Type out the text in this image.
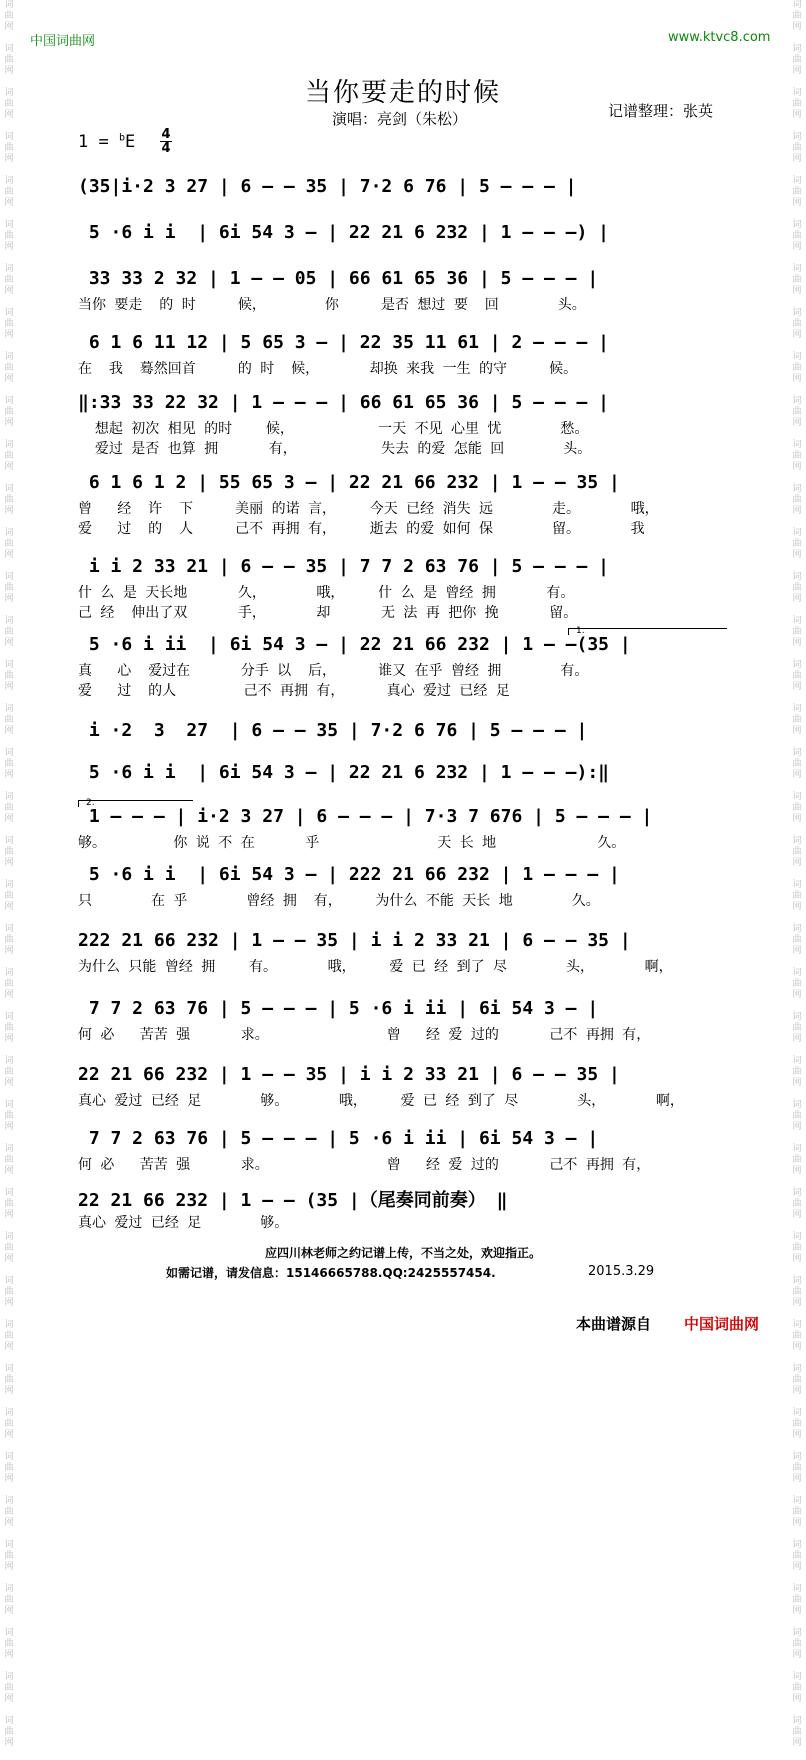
中国词曲网	www.ktvc8.com
词
曲
网

词
曲
网

词
曲
网

词
曲
网

词
曲
网

词
曲
网

词
曲
网

词
曲
网

词
曲
网

词
曲
网

词
曲
网

词
曲
网

词
曲
网

词
曲
网

词
曲
网

词
曲
网

词
曲
网

词
曲
网

词
曲
网

词
曲
网

词
曲
网

词
曲
网

词
曲
网

词
曲
网

词
曲
网

词
曲
网

词
曲
网

词
曲
网

词
曲
网

词
曲
网

词
曲
网

词
曲
网

词
曲
网

词
曲
网

词
曲
网

词
曲
网

词
曲
网

词
曲
网

词
曲
网

词
曲
网

词
曲
网

词
曲
网

词
曲
网

词
曲
网

词
曲
网

词
曲
网

词
曲
网

词
曲
网

词
曲
网

词
曲
网

词
曲
网

词
曲
网

词
曲
网

词
曲
网

词
曲
网

词
曲
网

词
曲
网

词
曲
网

词
曲
网

词
曲
网

词
曲
网

词
曲
网

词
曲
网

词
曲
网

词
曲
网

词
曲
网

词
曲
网

词
曲
网

词
曲
网

词
曲
网

词
曲
网

词
曲
网

词
曲
网

词
曲
网

词
曲
网

词
曲
网

词
曲
网

词
曲
网

词
曲
网

词
曲
网

当你要走的时候
演唱：亮剑（朱松）	记谱整理：张英
1 = $^b$E 4
4
(35|i·2 3 27 | 6 — — 35 | 7·2 6 76 | 5 — — — |
5 ·6 i i  | 6i 54 3 — | 22 21 6 232 | 1 — — —) |
33 33 2 32 | 1 — — 05 | 66 61 65 36 | 5 — — — |
当你 要走  的 时     候，       你     是否 想过 要  回       头。
6 1 6 11 12 | 5 65 3 — | 22 35 11 61 | 2 — — — |
在  我  蓦然回首     的 时  候，      却换 来我 一生 的守     候。
‖:33 33 22 32 | 1 — — — | 66 61 65 36 | 5 — — — |
想起 初次 相见 的时    候，          一天 不见 心里 忧       愁。
爱过 是否 也算 拥      有，          失去 的爱 怎能 回       头。
6 1 6 1 2 | 55 65 3 — | 22 21 66 232 | 1 — — 35 |
曾   经  许  下     美丽 的诺 言，    今天 已经 消失 远       走。      哦，
爱   过  的  人     己不 再拥 有，    逝去 的爱 如何 保       留。      我
i i 2 33 21 | 6 — — 35 | 7 7 2 63 76 | 5 — — — |
什 么 是 天长地      久，      哦，    什 么 是 曾经 拥      有。
己 经  伸出了双      手，      却      无 法 再 把你 挽      留。
5 ·6 i ii  | 6i 54 3 — | 22 21 66 232 | 1 — —(35 |
真   心  爱过在      分手 以  后，     谁又 在乎 曾经 拥       有。
爱   过  的人        己不 再拥 有，     真心 爱过 已经 足
i ·2  3  27  | 6 — — 35 | 7·2 6 76 | 5 — — — |
5 ·6 i i  | 6i 54 3 — | 22 21 6 232 | 1 — — —):‖
1 — — — | i·2 3 27 | 6 — — — | 7·3 7 676 | 5 — — — |
够。        你 说 不 在      乎              天 长 地            久。
5 ·6 i i  | 6i 54 3 — | 222 21 66 232 | 1 — — — |
只       在 乎       曾经 拥  有，    为什么 不能 天长 地       久。
222 21 66 232 | 1 — — 35 | i i 2 33 21 | 6 — — 35 |
为什么 只能 曾经 拥    有。      哦，    爱 已 经 到了 尽       头，      啊，
7 7 2 63 76 | 5 — — — | 5 ·6 i ii | 6i 54 3 — |
何 必   苦苦 强      求。              曾   经 爱 过的      己不 再拥 有，
22 21 66 232 | 1 — — 35 | i i 2 33 21 | 6 — — 35 |
真心 爱过 已经 足       够。      哦，    爱 已 经 到了 尽       头，      啊，
7 7 2 63 76 | 5 — — — | 5 ·6 i ii | 6i 54 3 — |
何 必   苦苦 强      求。              曾   经 爱 过的      己不 再拥 有，
22 21 66 232 | 1 — — (35 |（尾奏同前奏） ‖
真心 爱过 已经 足       够。
1.
2.
应四川林老师之约记谱上传，不当之处，欢迎指正。
如需记谱，请发信息：15146665788.QQ:2425557454.	2015.3.29
本曲谱源自 中国词曲网
